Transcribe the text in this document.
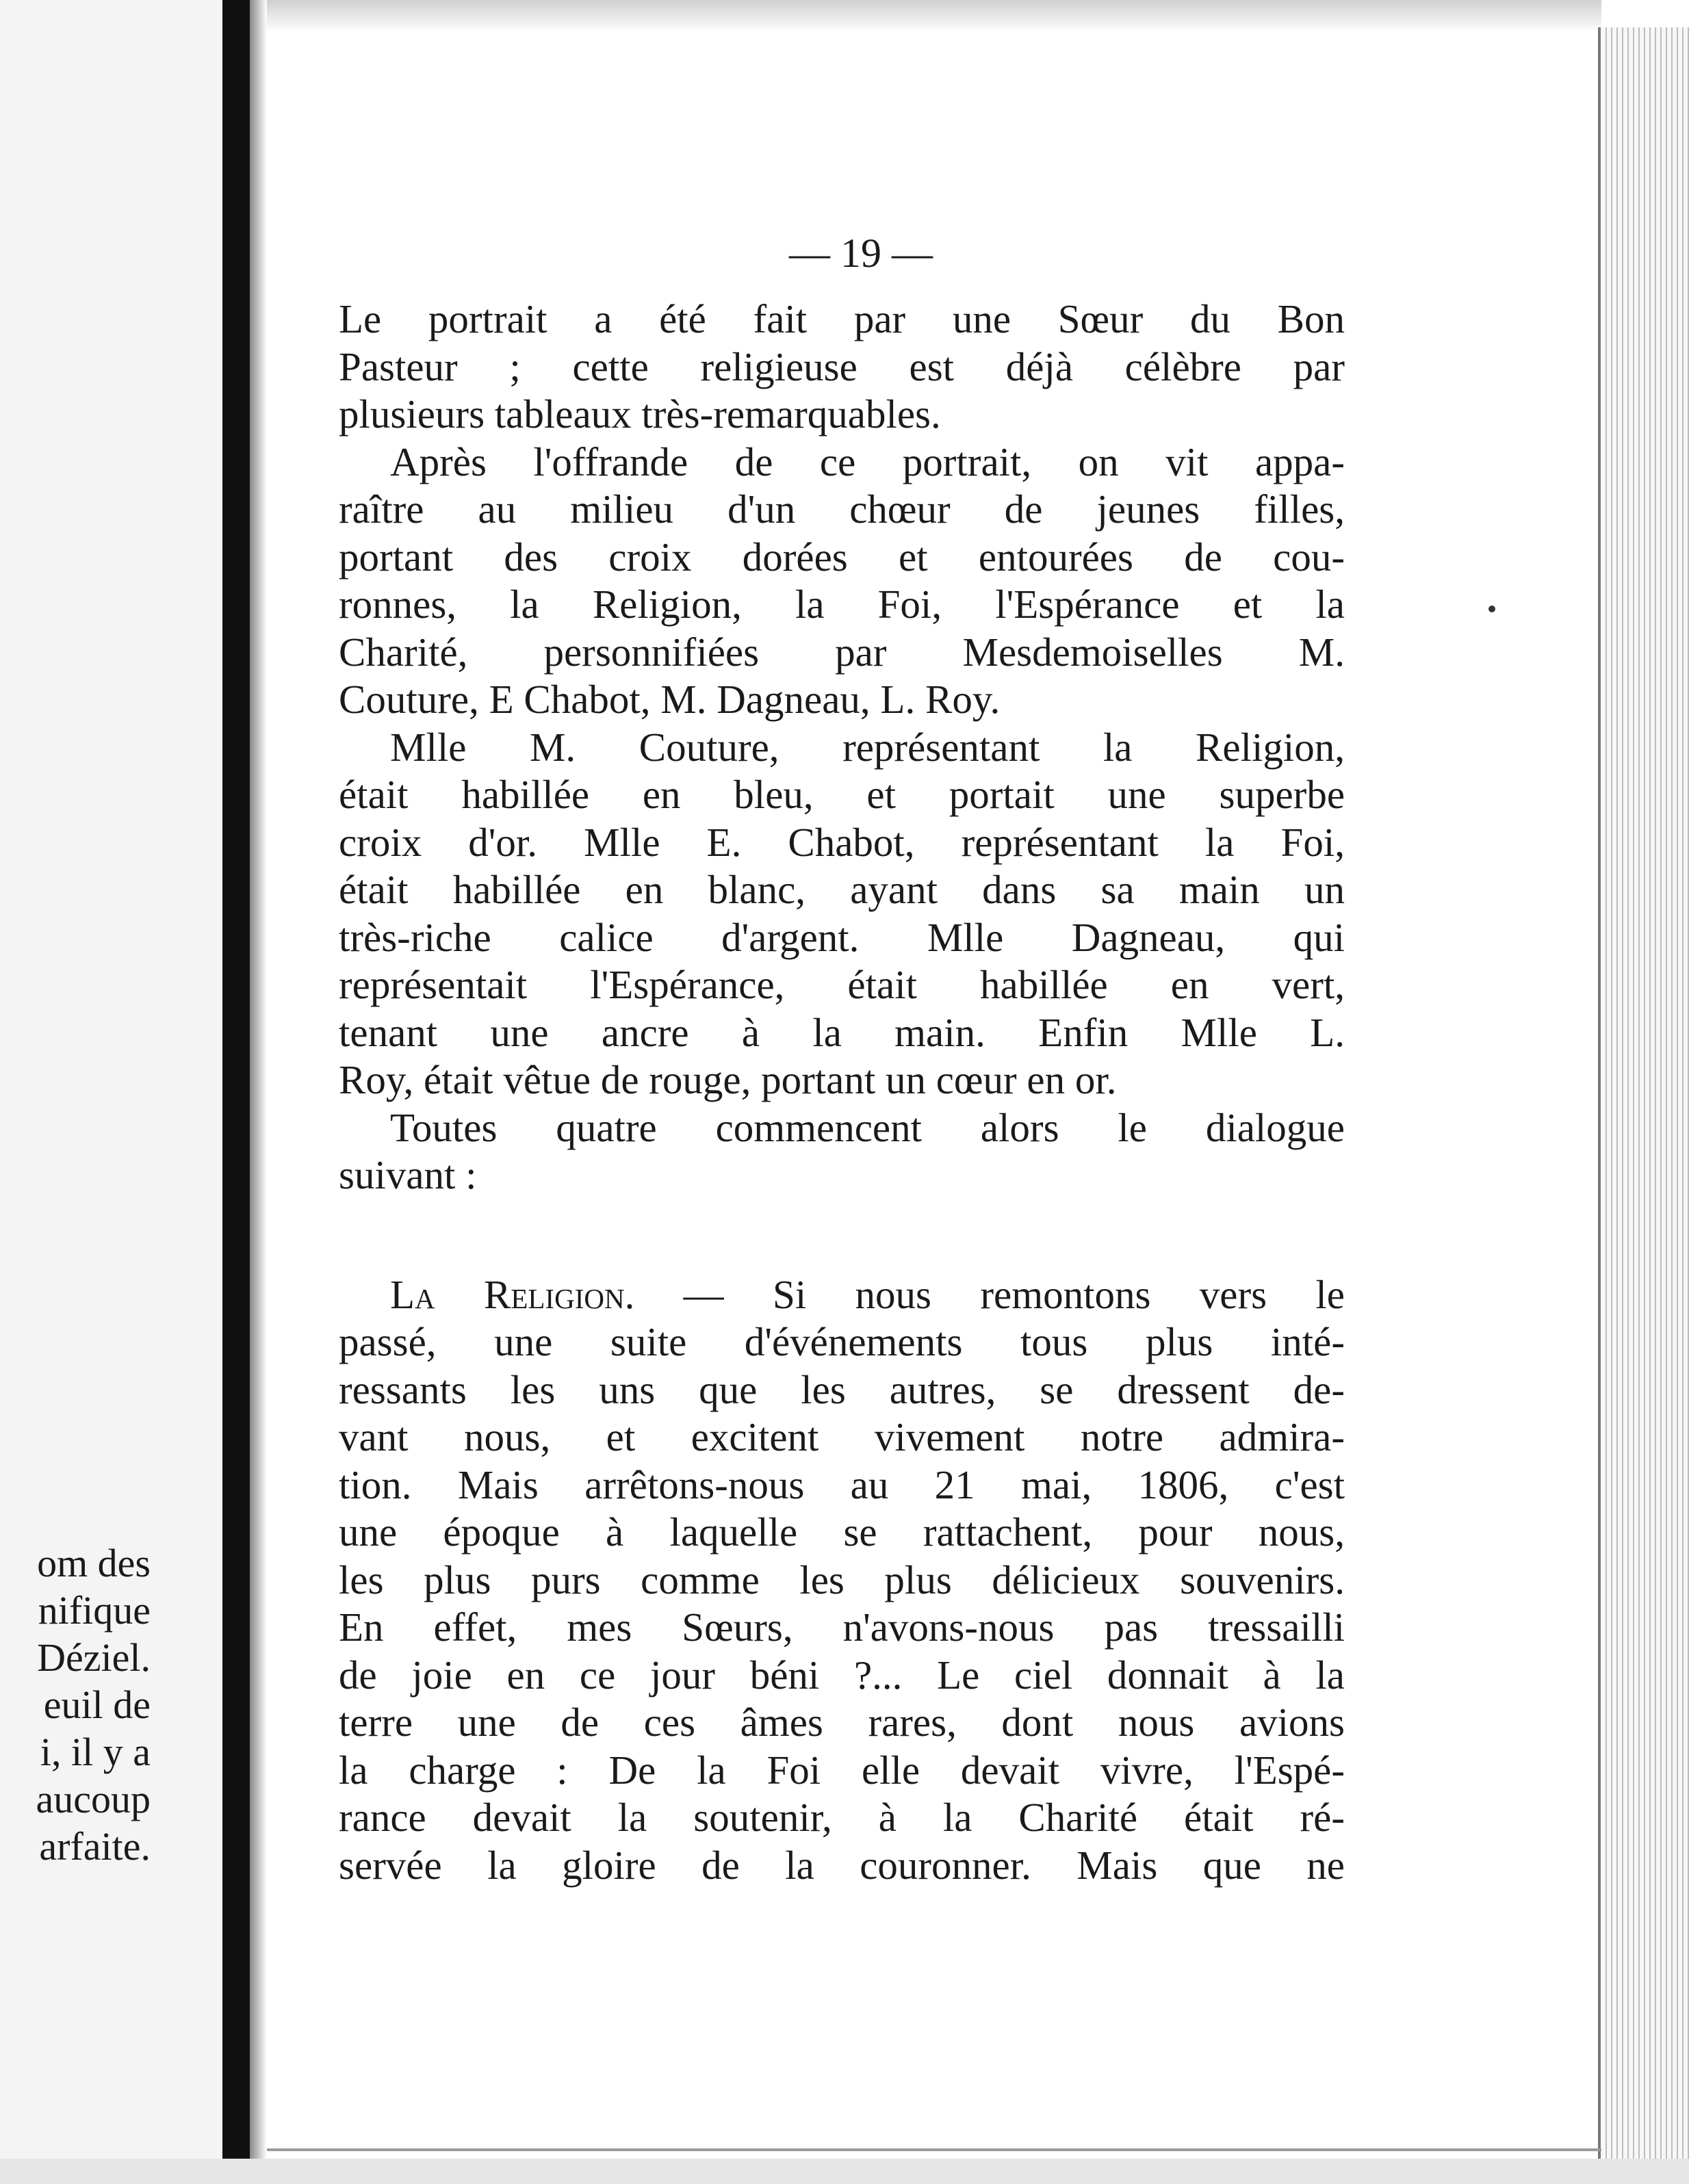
om des
nifique
Déziel.
euil de
i, il y a
aucoup
arfaite.
— 19 —
Le portrait a été fait par une Sœur du Bon
Pasteur ; cette religieuse est déjà célèbre par
plusieurs tableaux très-remarquables.
Après l'offrande de ce portrait, on vit appa-
raître au milieu d'un chœur de jeunes filles,
portant des croix dorées et entourées de cou-
ronnes, la Religion, la Foi, l'Espérance et la
Charité, personnifiées par Mesdemoiselles M.
Couture, E Chabot, M. Dagneau, L. Roy.
Mlle M. Couture, représentant la Religion,
était habillée en bleu, et portait une superbe
croix d'or. Mlle E. Chabot, représentant la Foi,
était habillée en blanc, ayant dans sa main un
très-riche calice d'argent. Mlle Dagneau, qui
représentait l'Espérance, était habillée en vert,
tenant une ancre à la main. Enfin Mlle L.
Roy, était vêtue de rouge, portant un cœur en or.
Toutes quatre commencent alors le dialogue
suivant :
La Religion. — Si nous remontons vers le
passé, une suite d'événements tous plus inté-
ressants les uns que les autres, se dressent de-
vant nous, et excitent vivement notre admira-
tion. Mais arrêtons-nous au 21 mai, 1806, c'est
une époque à laquelle se rattachent, pour nous,
les plus purs comme les plus délicieux souvenirs.
En effet, mes Sœurs, n'avons-nous pas tressailli
de joie en ce jour béni ?... Le ciel donnait à la
terre une de ces âmes rares, dont nous avions
la charge : De la Foi elle devait vivre, l'Espé-
rance devait la soutenir, à la Charité était ré-
servée la gloire de la couronner. Mais que ne
